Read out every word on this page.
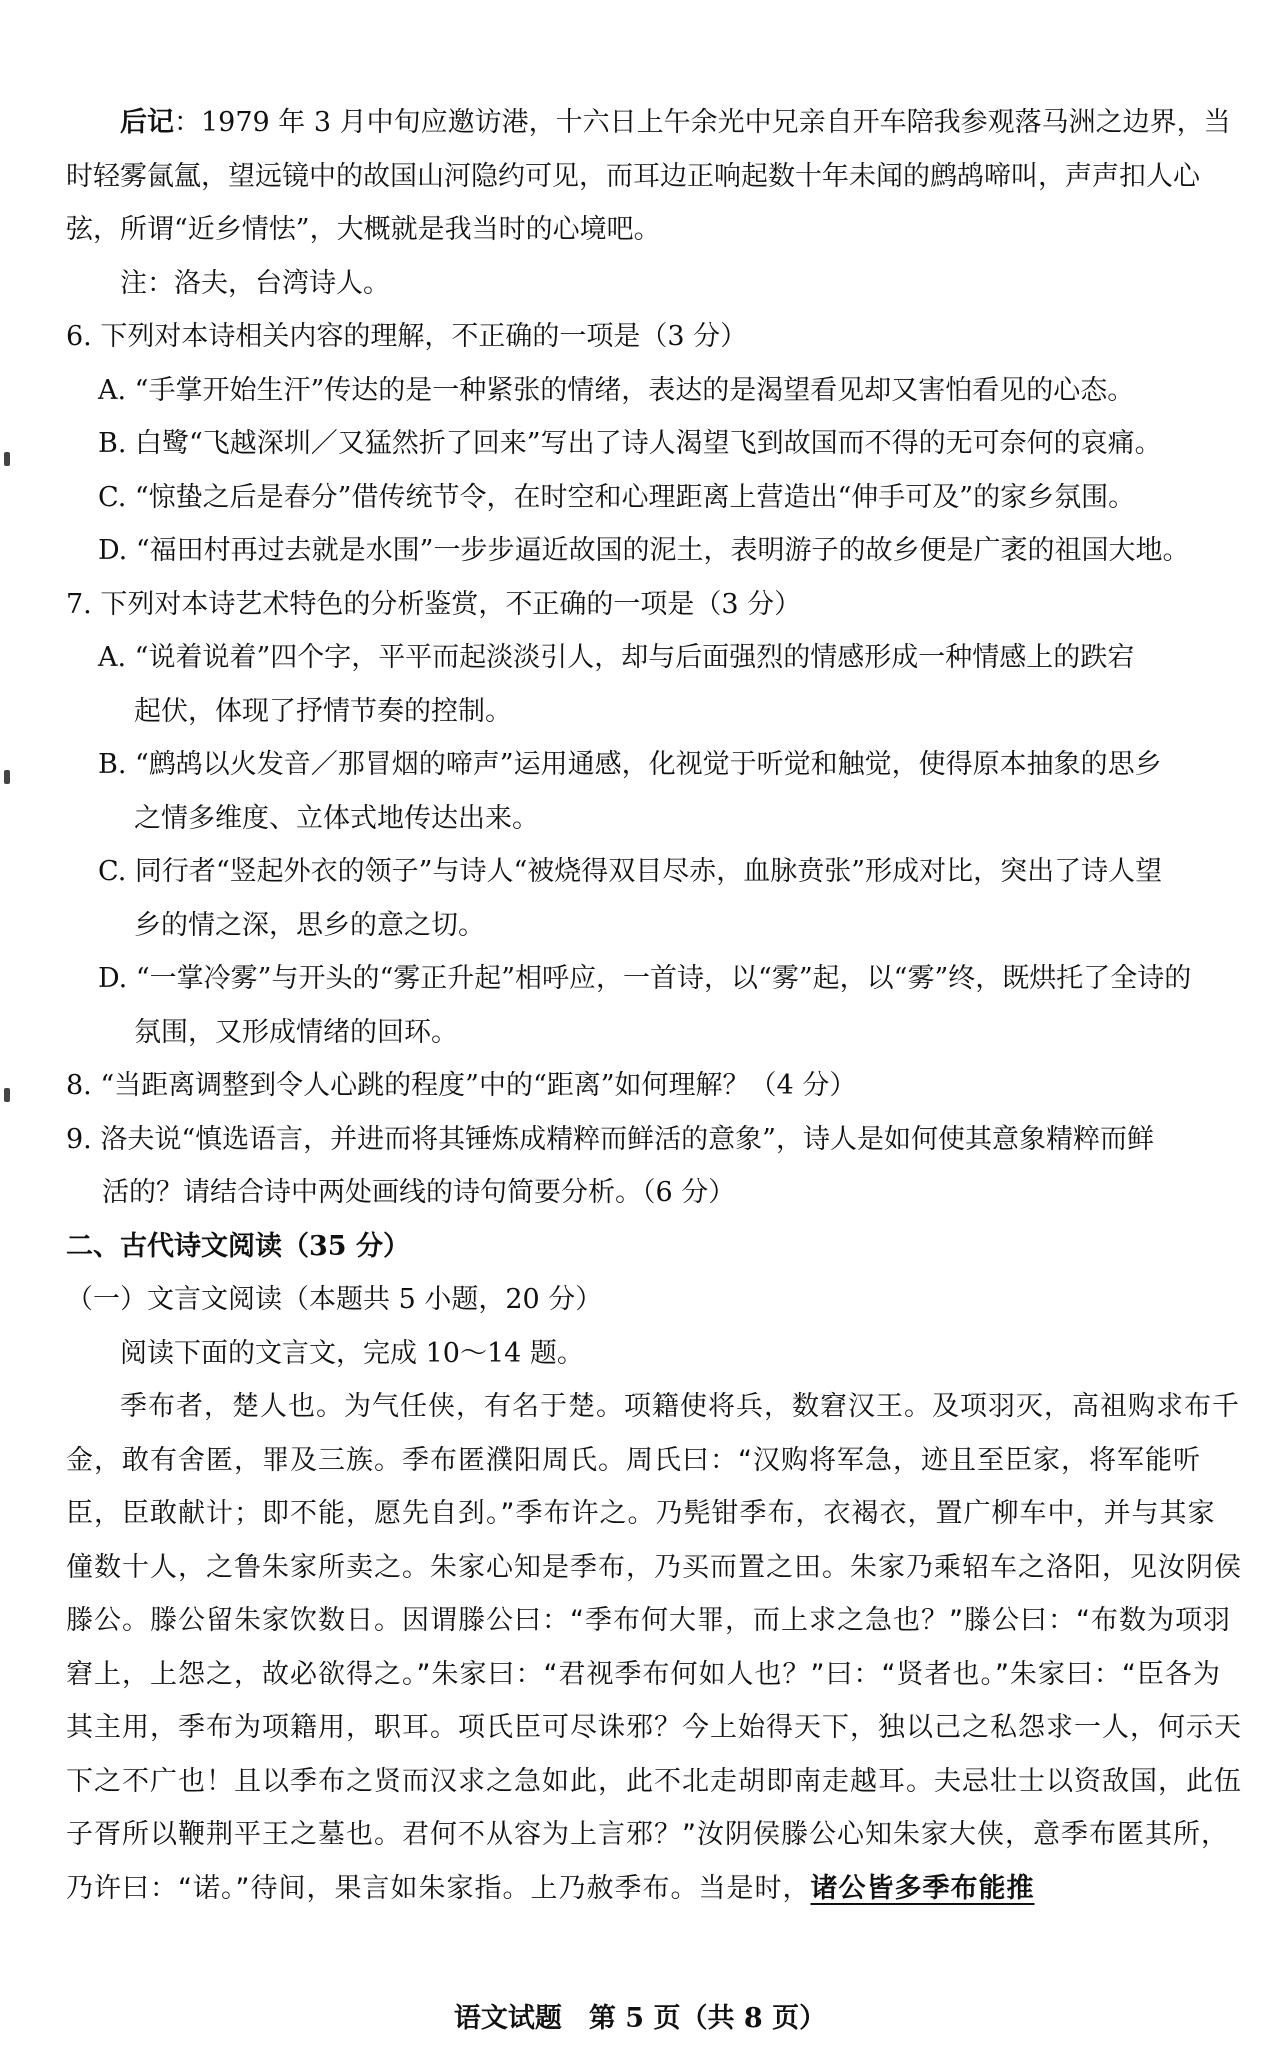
后记：1979 年 3 月中旬应邀访港，十六日上午余光中兄亲自开车陪我参观落马洲之边界，当时轻雾氤氲，望远镜中的故国山河隐约可见，而耳边正响起数十年未闻的鹧鸪啼叫，声声扣人心弦，所谓“近乡情怯”，大概就是我当时的心境吧。

注：洛夫，台湾诗人。

6. 下列对本诗相关内容的理解，不正确的一项是（3 分）

A. “手掌开始生汗”传达的是一种紧张的情绪，表达的是渴望看见却又害怕看见的心态。

B. 白鹭“飞越深圳／又猛然折了回来”写出了诗人渴望飞到故国而不得的无可奈何的哀痛。

C. “惊蛰之后是春分”借传统节令，在时空和心理距离上营造出“伸手可及”的家乡氛围。

D. “福田村再过去就是水围”一步步逼近故国的泥土，表明游子的故乡便是广袤的祖国大地。

7. 下列对本诗艺术特色的分析鉴赏，不正确的一项是（3 分）

A. “说着说着”四个字，平平而起淡淡引人，却与后面强烈的情感形成一种情感上的跌宕

起伏，体现了抒情节奏的控制。

B. “鹧鸪以火发音／那冒烟的啼声”运用通感，化视觉于听觉和触觉，使得原本抽象的思乡

之情多维度、立体式地传达出来。

C. 同行者“竖起外衣的领子”与诗人“被烧得双目尽赤，血脉贲张”形成对比，突出了诗人望

乡的情之深，思乡的意之切。

D. “一掌冷雾”与开头的“雾正升起”相呼应，一首诗，以“雾”起，以“雾”终，既烘托了全诗的

氛围，又形成情绪的回环。

8. “当距离调整到令人心跳的程度”中的“距离”如何理解？（4 分）

9. 洛夫说“慎选语言，并进而将其锤炼成精粹而鲜活的意象”，诗人是如何使其意象精粹而鲜

活的？请结合诗中两处画线的诗句简要分析。（6 分）

二、古代诗文阅读（35 分）

（一）文言文阅读（本题共 5 小题，20 分）

阅读下面的文言文，完成 10～14 题。

季布者，楚人也。为气任侠，有名于楚。项籍使将兵，数窘汉王。及项羽灭，高祖购求布千金，敢有舍匿，罪及三族。季布匿濮阳周氏。周氏曰：“汉购将军急，迹且至臣家，将军能听臣，臣敢献计；即不能，愿先自刭。”季布许之。乃髡钳季布，衣褐衣，置广柳车中，并与其家僮数十人，之鲁朱家所卖之。朱家心知是季布，乃买而置之田。朱家乃乘轺车之洛阳，见汝阴侯滕公。滕公留朱家饮数日。因谓滕公曰：“季布何大罪，而上求之急也？”滕公曰：“布数为项羽窘上，上怨之，故必欲得之。”朱家曰：“君视季布何如人也？”曰：“贤者也。”朱家曰：“臣各为其主用，季布为项籍用，职耳。项氏臣可尽诛邪？今上始得天下，独以己之私怨求一人，何示天下之不广也！且以季布之贤而汉求之急如此，此不北走胡即南走越耳。夫忌壮士以资敌国，此伍子胥所以鞭荆平王之墓也。君何不从容为上言邪？”汝阴侯滕公心知朱家大侠，意季布匿其所，乃许曰：“诺。”待间，果言如朱家指。上乃赦季布。当是时，诸公皆多季布能推

语文试题　第 5 页（共 8 页）
